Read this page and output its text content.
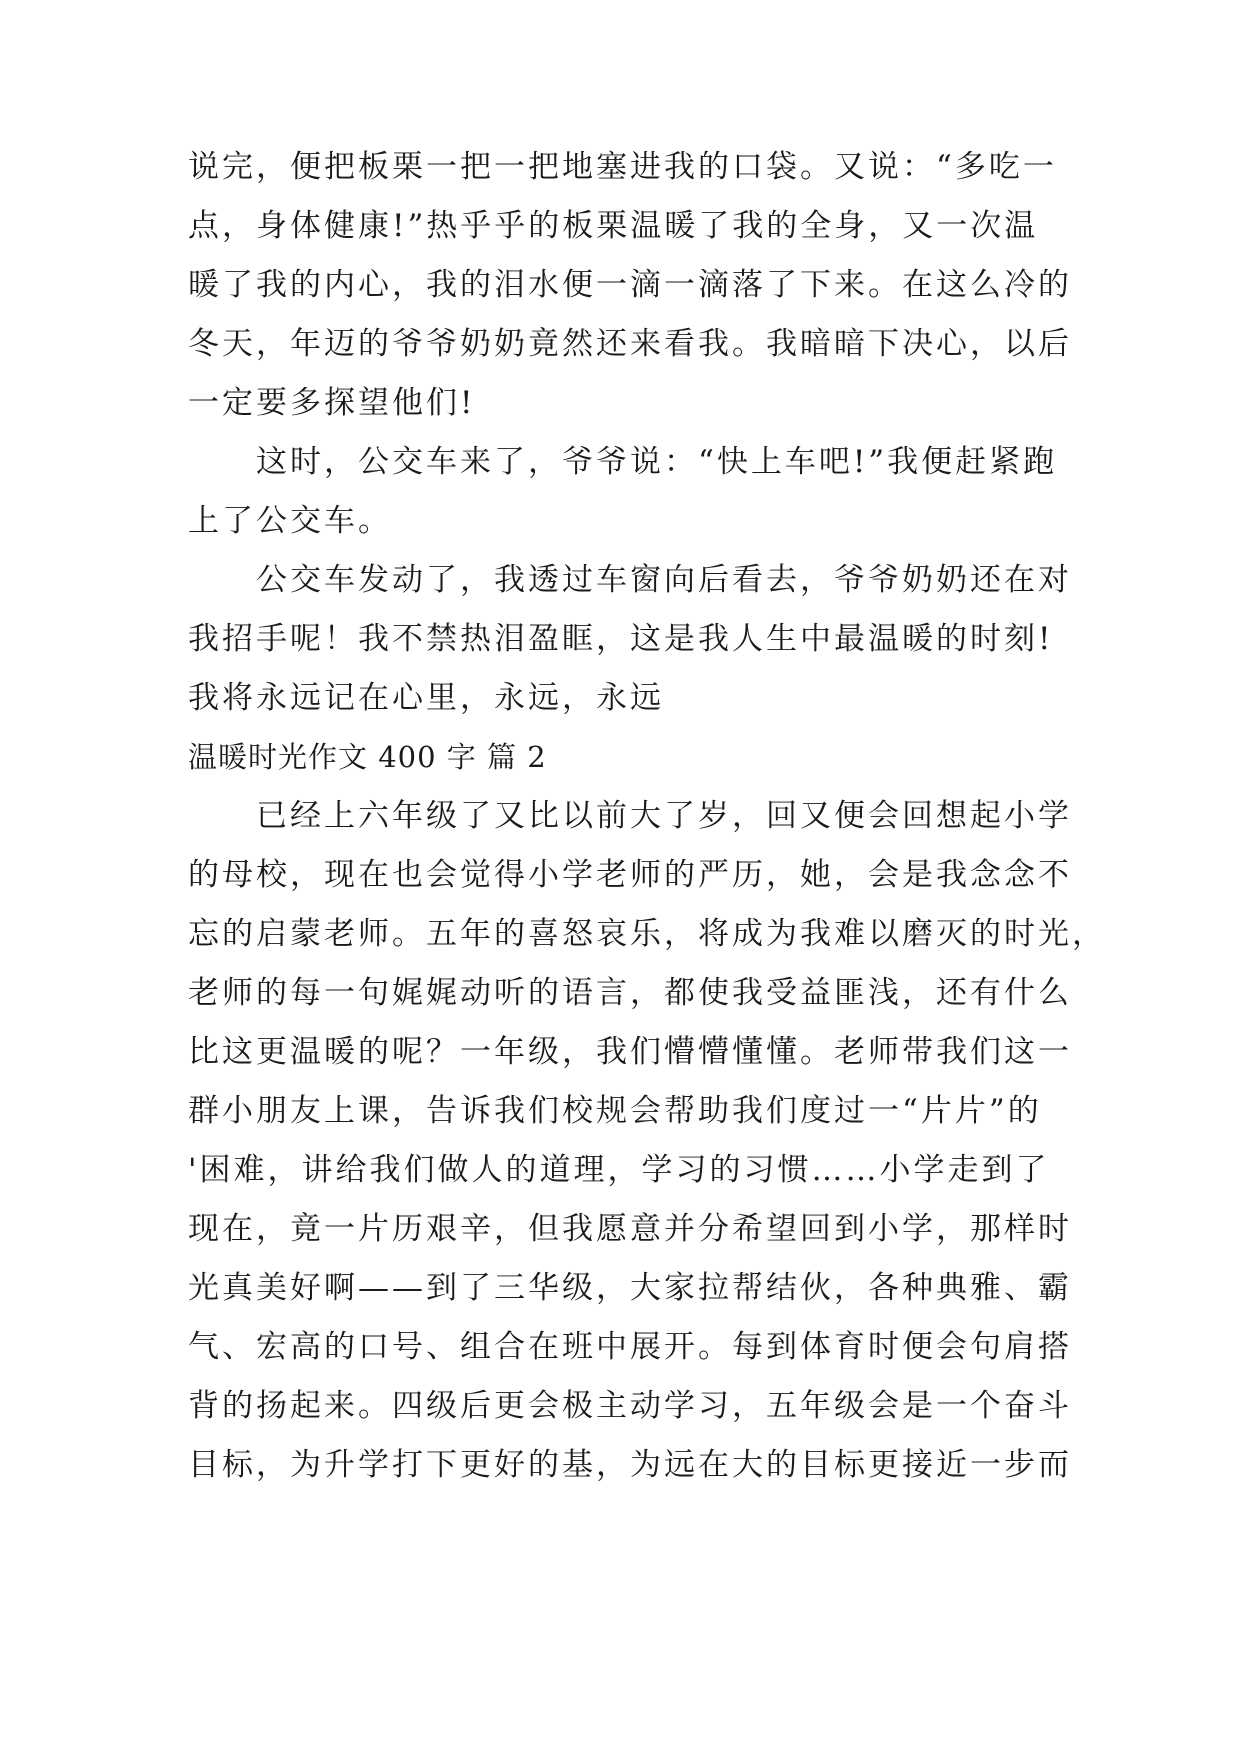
说完，便把板栗一把一把地塞进我的口袋。又说：“多吃一
点，身体健康!”热乎乎的板栗温暖了我的全身，又一次温
暖了我的内心，我的泪水便一滴一滴落了下来。在这么冷的
冬天，年迈的爷爷奶奶竟然还来看我。我暗暗下决心，以后
一定要多探望他们!
这时，公交车来了，爷爷说：“快上车吧!”我便赶紧跑
上了公交车。
公交车发动了，我透过车窗向后看去，爷爷奶奶还在对
我招手呢！我不禁热泪盈眶，这是我人生中最温暖的时刻!
我将永远记在心里，永远，永远
温暖时光作文 400 字 篇 2
已经上六年级了又比以前大了岁，回又便会回想起小学
的母校，现在也会觉得小学老师的严历，她，会是我念念不
忘的启蒙老师。五年的喜怒哀乐，将成为我难以磨灭的时光，
老师的每一句娓娓动听的语言，都使我受益匪浅，还有什么
比这更温暖的呢？一年级，我们懵懵懂懂。老师带我们这一
群小朋友上课，告诉我们校规会帮助我们度过一“片片”的
'困难，讲给我们做人的道理，学习的习惯……小学走到了
现在，竟一片历艰辛，但我愿意并分希望回到小学，那样时
光真美好啊——到了三华级，大家拉帮结伙，各种典雅、霸
气、宏高的口号、组合在班中展开。每到体育时便会句肩搭
背的扬起来。四级后更会极主动学习，五年级会是一个奋斗
目标，为升学打下更好的基，为远在大的目标更接近一步而
